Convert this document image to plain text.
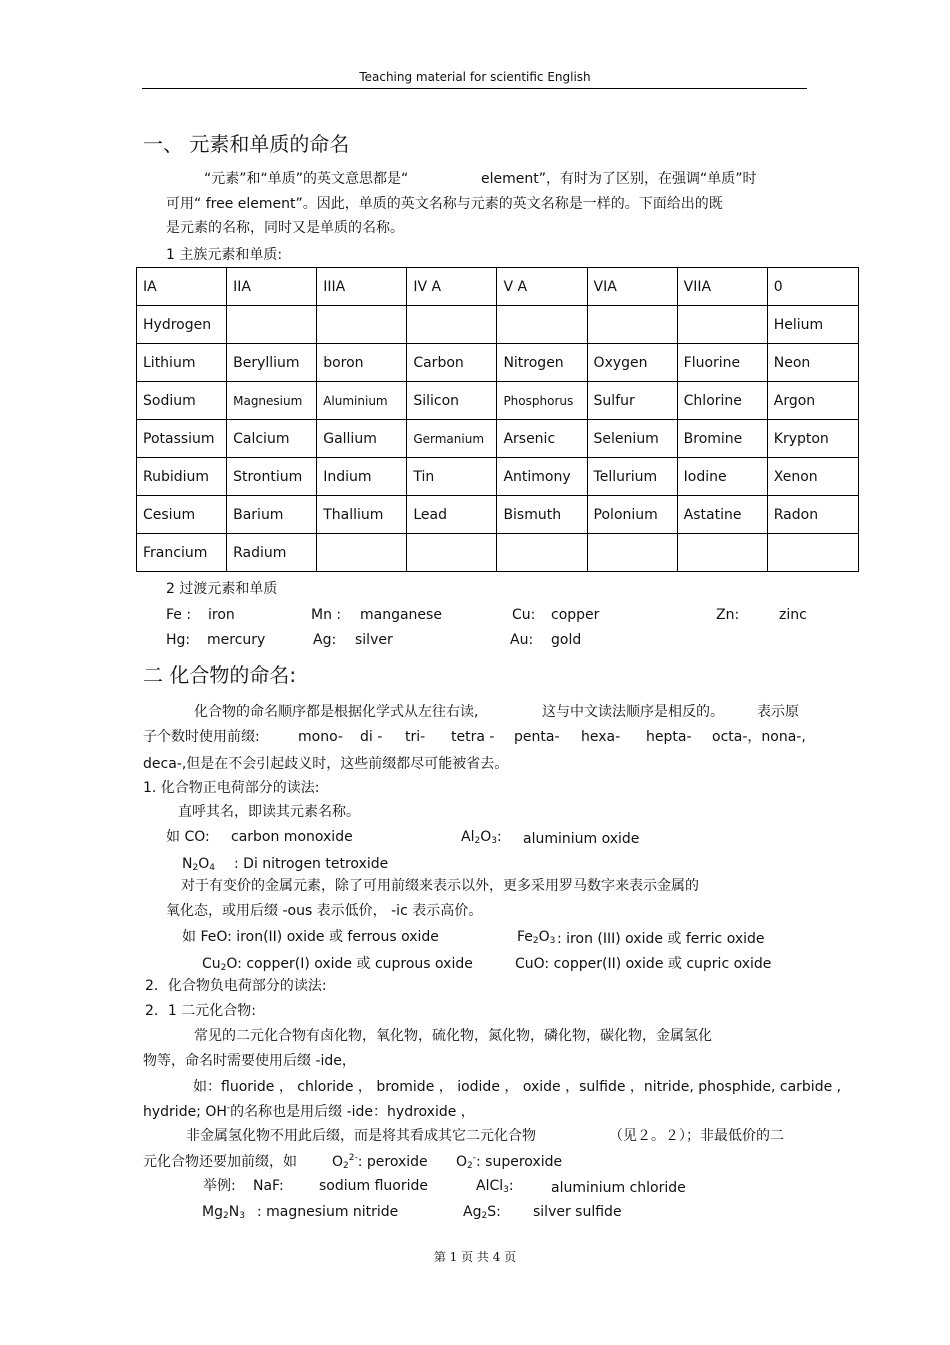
Teaching material for scientific English
一、 元素和单质的命名
“元素”和“单质”的英文意思都是“	element”，有时为了区别，在强调“单质”时
可用“ free element”。因此，单质的英文名称与元素的英文名称是一样的。下面给出的既
是元素的名称，同时又是单质的名称。
1 主族元素和单质:
IA	IIA	IIIA	IV A	V A	VIA	VIIA	0
Hydrogen							Helium
Lithium	Beryllium	boron	Carbon	Nitrogen	Oxygen	Fluorine	Neon
Sodium	Magnesium	Aluminium	Silicon	Phosphorus	Sulfur	Chlorine	Argon
Potassium	Calcium	Gallium	Germanium	Arsenic	Selenium	Bromine	Krypton
Rubidium	Strontium	Indium	Tin	Antimony	Tellurium	Iodine	Xenon
Cesium	Barium	Thallium	Lead	Bismuth	Polonium	Astatine	Radon
Francium	Radium						
2 过渡元素和单质
Fe : iron	Mn : manganese	Cu: copper	Zn:	zinc
Hg: mercury	Ag: silver	Au: gold
二 化合物的命名:
化合物的命名顺序都是根据化学式从左往右读,	这与中文读法顺序是相反的。 表示原
子个数时使用前缀:	mono- di - tri- tetra - penta- hexa- hepta- octa-，nona-,
deca-,但是在不会引起歧义时，这些前缀都尽可能被省去。
1. 化合物正电荷部分的读法:
直呼其名，即读其元素名称。
如 CO: carbon monoxide	Al2O3: aluminium oxide
N2O4 : Di nitrogen tetroxide
对于有变价的金属元素，除了可用前缀来表示以外，更多采用罗马数字来表示金属的
氧化态，或用后缀 -ous 表示低价， -ic 表示高价。
如 FeO: iron(II) oxide 或 ferrous oxide	Fe2O3 : iron (III) oxide 或 ferric oxide
Cu2O: copper(I) oxide 或 cuprous oxide	CuO: copper(II) oxide 或 cupric oxide
2．化合物负电荷部分的读法:
2．1 二元化合物:
常见的二元化合物有卤化物，氧化物，硫化物，氮化物，磷化物，碳化物，金属氢化
物等，命名时需要使用后缀 -ide，
如：fluoride ， chloride ， bromide ， iodide ， oxide ，sulfide ，nitride, phosphide, carbide ,
hydride; OH-的名称也是用后缀 -ide：hydroxide ，
非金属氢化物不用此后缀，而是将其看成其它二元化合物	（见２。２）；非最低价的二
元化合物还要加前缀，如	$O2^{2-}$: peroxide O2-: superoxide
举例: NaF:	sodium fluoride	AlCl3:	aluminium chloride
Mg2N3 : magnesium nitride	Ag2S: silver sulfide
第 1 页 共 4 页
